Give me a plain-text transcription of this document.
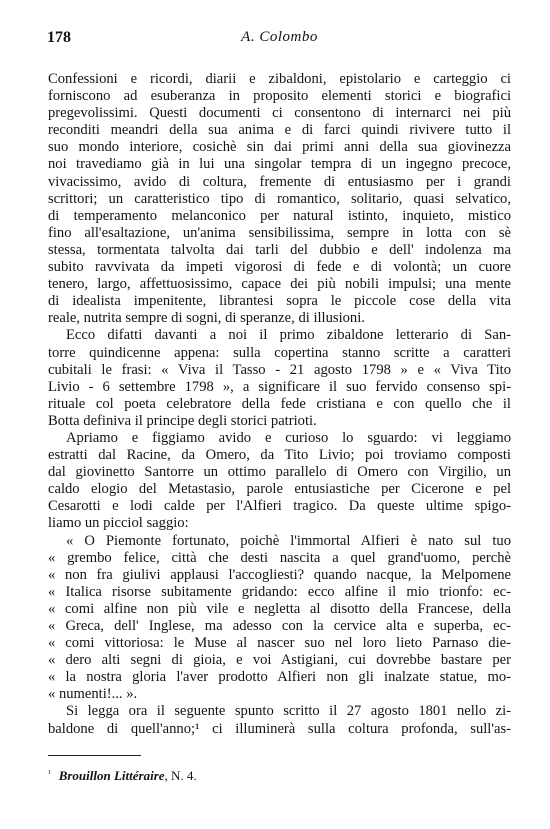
178	A. Colombo
Confessioni e ricordi, diarii e zibaldoni, epistolario e carteggio ci
forniscono ad esuberanza in proposito elementi storici e biografici
pregevolissimi. Questi documenti ci consentono di internarci nei più
reconditi meandri della sua anima e di farci quindi rivivere tutto il
suo mondo interiore, cosichè sin dai primi anni della sua giovinezza
noi travediamo già in lui una singolar tempra di un ingegno precoce,
vivacissimo, avido di coltura, fremente di entusiasmo per i grandi
scrittori; un caratteristico tipo di romantico, solitario, quasi selvatico,
di temperamento melanconico per natural istinto, inquieto, mistico
fino all'esaltazione, un'anima sensibilissima, sempre in lotta con sè
stessa, tormentata talvolta dai tarli del dubbio e dell' indolenza ma
subito ravvivata da impeti vigorosi di fede e di volontà; un cuore
tenero, largo, affettuosissimo, capace dei più nobili impulsi; una mente
di idealista impenitente, librantesi sopra le piccole cose della vita
reale, nutrita sempre di sogni, di speranze, di illusioni.
Ecco difatti davanti a noi il primo zibaldone letterario di San-
torre quindicenne appena: sulla copertina stanno scritte a caratteri
cubitali le frasi: « Viva il Tasso - 21 agosto 1798 » e « Viva Tito
Livio - 6 settembre 1798 », a significare il suo fervido consenso spi-
rituale col poeta celebratore della fede cristiana e con quello che il
Botta definiva il principe degli storici patrioti.
Apriamo e figgiamo avido e curioso lo sguardo: vi leggiamo
estratti dal Racine, da Omero, da Tito Livio; poi troviamo composti
dal giovinetto Santorre un ottimo parallelo di Omero con Virgilio, un
caldo elogio del Metastasio, parole entusiastiche per Cicerone e pel
Cesarotti e lodi calde per l'Alfieri tragico. Da queste ultime spigo-
liamo un picciol saggio:
« O Piemonte fortunato, poichè l'immortal Alfieri è nato sul tuo
« grembo felice, città che desti nascita a quel grand'uomo, perchè
« non fra giulivi applausi l'accogliesti? quando nacque, la Melpomene
« Italica risorse subitamente gridando: ecco alfine il mio trionfo: ec-
« comi alfine non più vile e negletta al disotto della Francese, della
« Greca, dell' Inglese, ma adesso con la cervice alta e superba, ec-
« comi vittoriosa: le Muse al nascer suo nel loro lieto Parnaso die-
« dero alti segni di gioia, e voi Astigiani, cui dovrebbe bastare per
« la nostra gloria l'aver prodotto Alfieri non gli inalzate statue, mo-
« numenti!... ».
Si legga ora il seguente spunto scritto il 27 agosto 1801 nello zi-
baldone di quell'anno;¹ ci illuminerà sulla coltura profonda, sull'as-
$^{^1}$ Brouillon Littéraire, N. 4.
